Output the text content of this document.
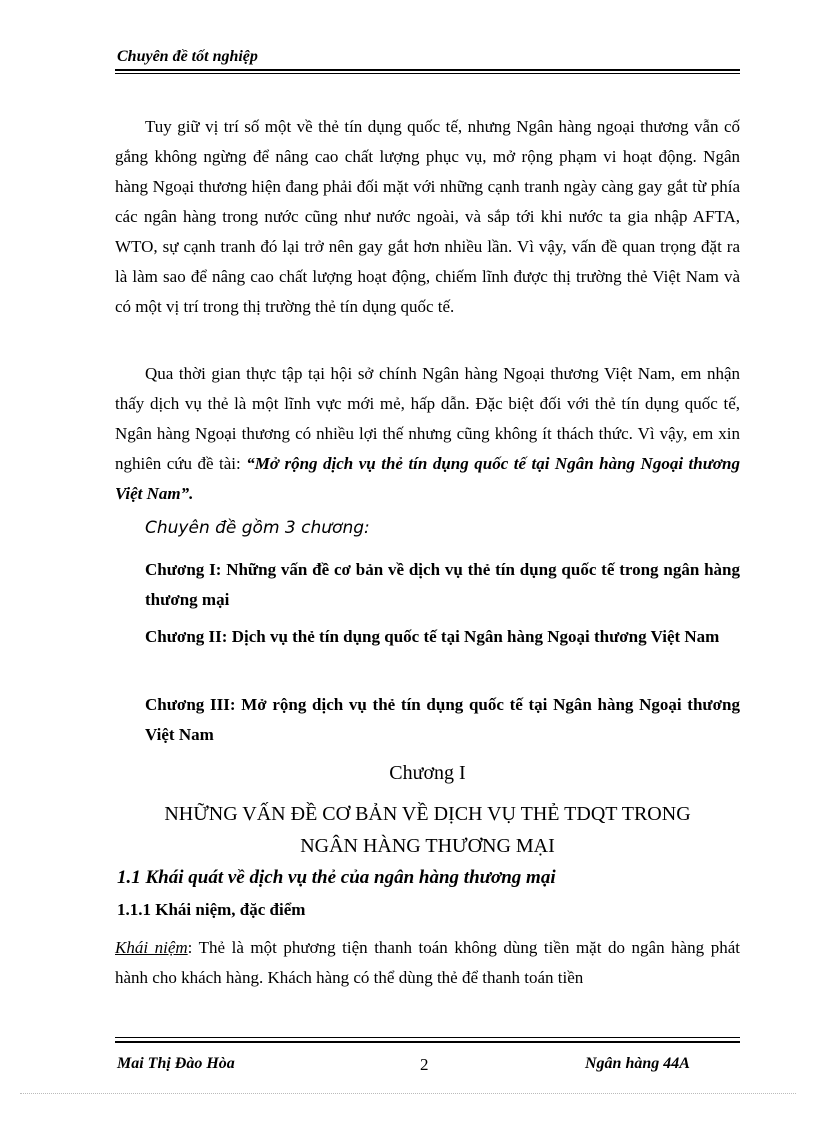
Chuyên đề tốt nghiệp

Tuy giữ vị trí số một về thẻ tín dụng quốc tế, nhưng Ngân hàng ngoại thương vẫn cố gắng không ngừng để nâng cao chất lượng phục vụ, mở rộng phạm vi hoạt động. Ngân hàng Ngoại thương hiện đang phải đối mặt với những cạnh tranh ngày càng gay gắt từ phía các ngân hàng trong nước cũng như nước ngoài, và sắp tới khi nước ta gia nhập AFTA, WTO, sự cạnh tranh đó lại trở nên gay gắt hơn nhiều lần. Vì vậy, vấn đề quan trọng đặt ra là làm sao để nâng cao chất lượng hoạt động, chiếm lĩnh được thị trường thẻ Việt Nam và có một vị trí trong thị trường thẻ tín dụng quốc tế.

Qua thời gian thực tập tại hội sở chính Ngân hàng Ngoại thương Việt Nam, em nhận thấy dịch vụ thẻ là một lĩnh vực mới mẻ, hấp dẫn. Đặc biệt đối với thẻ tín dụng quốc tế, Ngân hàng Ngoại thương có nhiều lợi thế nhưng cũng không ít thách thức. Vì vậy, em xin nghiên cứu đề tài: “Mở rộng dịch vụ thẻ tín dụng quốc tế tại Ngân hàng Ngoại thương Việt Nam”.

Chuyên đề gồm 3 chương:

Chương I: Những vấn đề cơ bản về dịch vụ thẻ tín dụng quốc tế trong ngân hàng thương mại

Chương II: Dịch vụ thẻ tín dụng quốc tế tại Ngân hàng Ngoại thương Việt Nam

Chương III: Mở rộng dịch vụ thẻ tín dụng quốc tế tại Ngân hàng Ngoại thương Việt Nam

Chương I

NHỮNG VẤN ĐỀ CƠ BẢN VỀ DỊCH VỤ THẺ TDQT TRONG
NGÂN HÀNG THƯƠNG MẠI
1.1 Khái quát về dịch vụ thẻ của ngân hàng thương mại
1.1.1 Khái niệm, đặc điểm

Khái niệm: Thẻ là một phương tiện thanh toán không dùng tiền mặt do ngân hàng phát hành cho khách hàng. Khách hàng có thể dùng thẻ để thanh toán tiền

Mai Thị Đào Hòa	2	Ngân hàng 44A
